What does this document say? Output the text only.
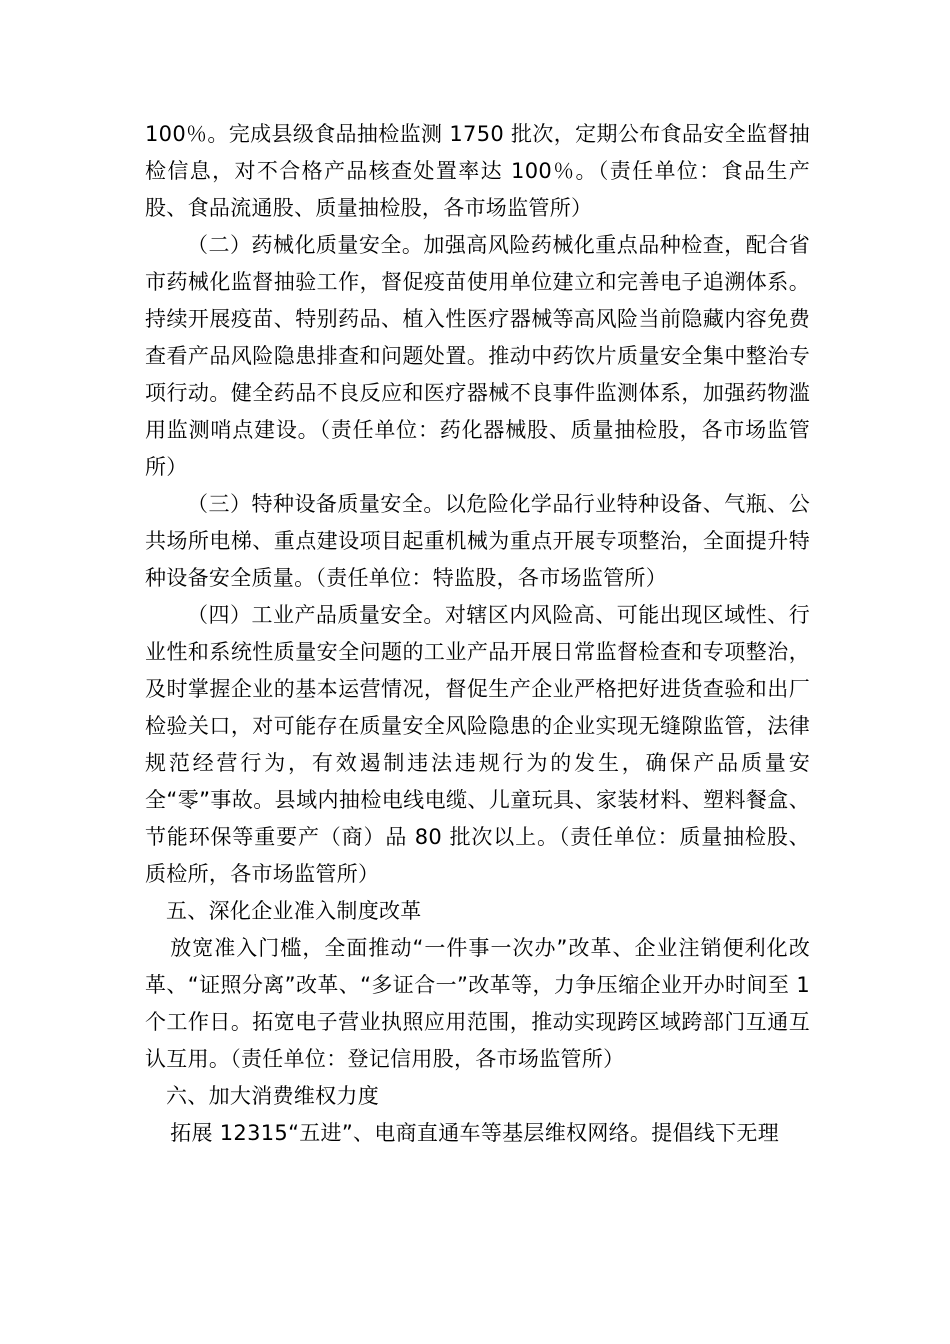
100％。完成县级食品抽检监测 1750 批次，定期公布食品安全监督抽检信息，对不合格产品核查处置率达 100％。（责任单位：食品生产股、食品流通股、质量抽检股，各市场监管所）

（二）药械化质量安全。加强高风险药械化重点品种检查，配合省市药械化监督抽验工作，督促疫苗使用单位建立和完善电子追溯体系。持续开展疫苗、特别药品、植入性医疗器械等高风险当前隐藏内容免费查看产品风险隐患排查和问题处置。推动中药饮片质量安全集中整治专项行动。健全药品不良反应和医疗器械不良事件监测体系，加强药物滥用监测哨点建设。（责任单位：药化器械股、质量抽检股，各市场监管所）

（三）特种设备质量安全。以危险化学品行业特种设备、气瓶、公共场所电梯、重点建设项目起重机械为重点开展专项整治，全面提升特种设备安全质量。（责任单位：特监股，各市场监管所）

（四）工业产品质量安全。对辖区内风险高、可能出现区域性、行业性和系统性质量安全问题的工业产品开展日常监督检查和专项整治，及时掌握企业的基本运营情况，督促生产企业严格把好进货查验和出厂检验关口，对可能存在质量安全风险隐患的企业实现无缝隙监管，法律规范经营行为，有效遏制违法违规行为的发生，确保产品质量安全“零”事故。县域内抽检电线电缆、儿童玩具、家装材料、塑料餐盒、节能环保等重要产（商）品 80 批次以上。（责任单位：质量抽检股、质检所，各市场监管所）

五、深化企业准入制度改革

放宽准入门槛，全面推动“一件事一次办”改革、企业注销便利化改革、“证照分离”改革、“多证合一”改革等，力争压缩企业开办时间至 1 个工作日。拓宽电子营业执照应用范围，推动实现跨区域跨部门互通互认互用。（责任单位：登记信用股，各市场监管所）

六、加大消费维权力度

拓展 12315“五进”、电商直通车等基层维权网络。提倡线下无理
